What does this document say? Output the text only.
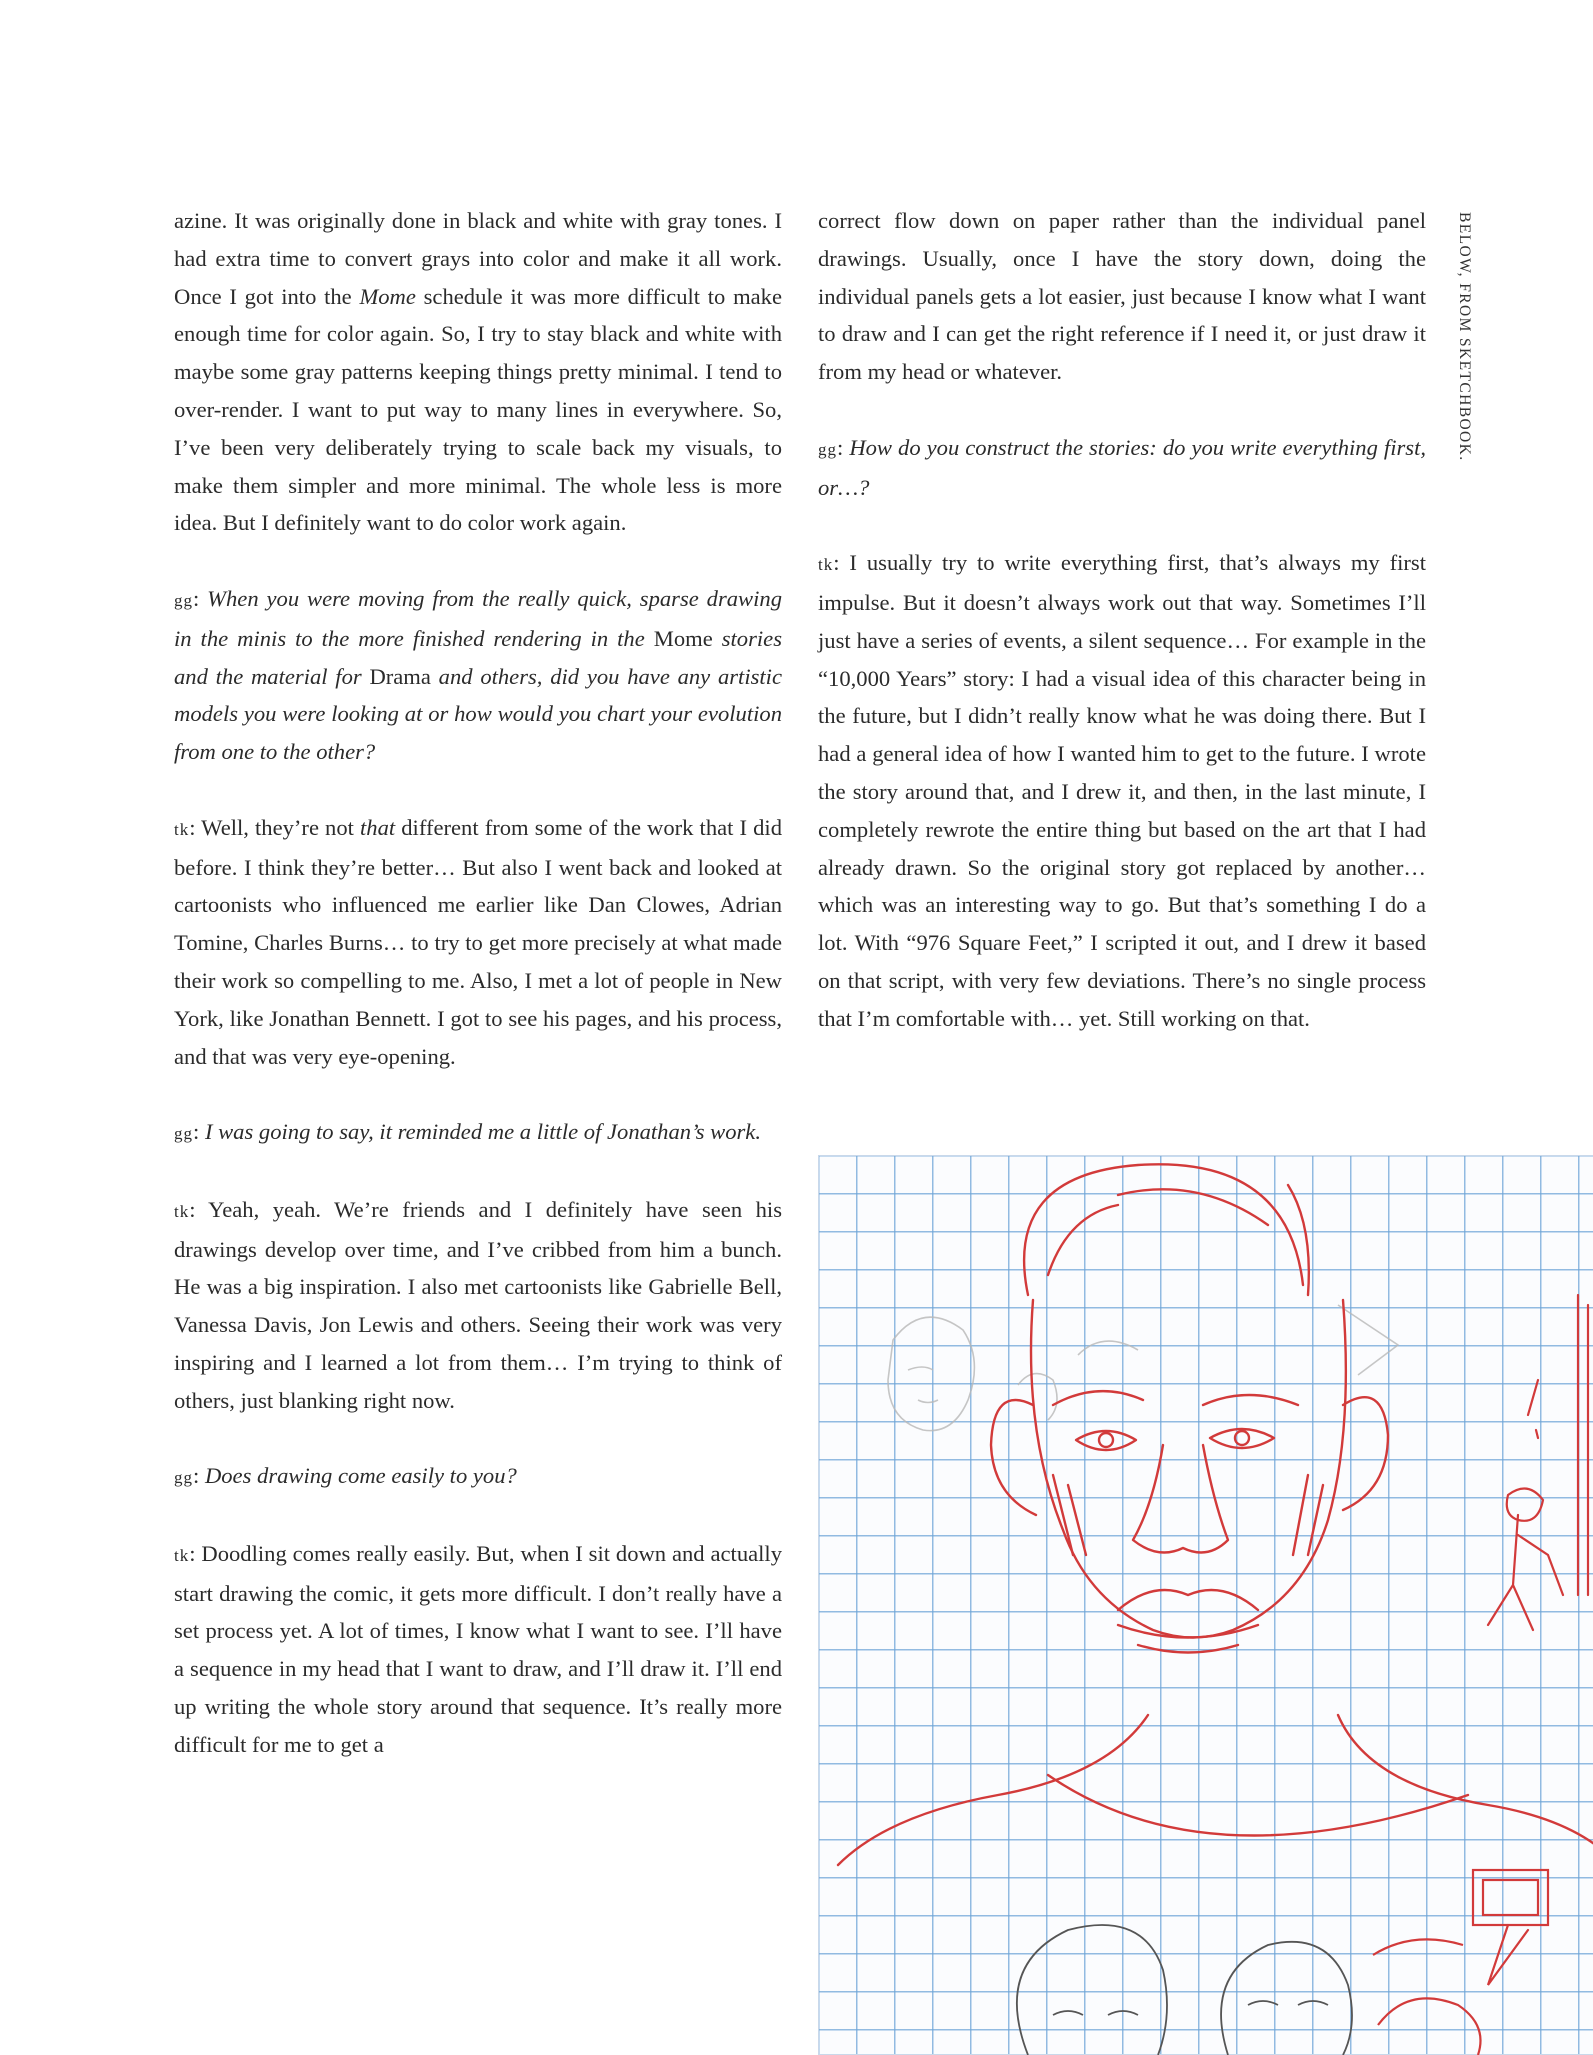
azine. It was originally done in black and white with gray tones. I had extra time to convert grays into color and make it all work. Once I got into the Mome schedule it was more difficult to make enough time for color again. So, I try to stay black and white with maybe some gray patterns keeping things pretty minimal. I tend to over-render. I want to put way to many lines in everywhere. So, I’ve been very deliberately trying to scale back my visuals, to make them simpler and more minimal. The whole less is more idea. But I definitely want to do color work again.

gg: When you were moving from the really quick, sparse drawing in the minis to the more finished rendering in the Mome stories and the material for Drama and others, did you have any artistic models you were looking at or how would you chart your evolution from one to the other?

tk: Well, they’re not that different from some of the work that I did before. I think they’re better… But also I went back and looked at cartoonists who influenced me earlier like Dan Clowes, Adrian Tomine, Charles Burns… to try to get more precisely at what made their work so compelling to me. Also, I met a lot of people in New York, like Jonathan Bennett. I got to see his pages, and his process, and that was very eye-opening.

gg: I was going to say, it reminded me a little of Jonathan’s work.

tk: Yeah, yeah. We’re friends and I definitely have seen his drawings develop over time, and I’ve cribbed from him a bunch. He was a big inspiration. I also met cartoonists like Gabrielle Bell, Vanessa Davis, Jon Lewis and others. Seeing their work was very inspiring and I learned a lot from them… I’m trying to think of others, just blanking right now.

gg: Does drawing come easily to you?

tk: Doodling comes really easily. But, when I sit down and actually start drawing the comic, it gets more difficult. I don’t really have a set process yet. A lot of times, I know what I want to see. I’ll have a sequence in my head that I want to draw, and I’ll draw it. I’ll end up writing the whole story around that sequence. It’s really more difficult for me to get a

correct flow down on paper rather than the individual panel drawings. Usually, once I have the story down, doing the individual panels gets a lot easier, just because I know what I want to draw and I can get the right reference if I need it, or just draw it from my head or whatever.

gg: How do you construct the stories: do you write everything first, or…?

tk: I usually try to write everything first, that’s always my first impulse. But it doesn’t always work out that way. Sometimes I’ll just have a series of events, a silent sequence… For example in the “10,000 Years” story: I had a visual idea of this character being in the future, but I didn’t really know what he was doing there. But I had a general idea of how I wanted him to get to the future. I wrote the story around that, and I drew it, and then, in the last minute, I completely rewrote the entire thing but based on the art that I had already drawn. So the original story got replaced by another… which was an interesting way to go. But that’s something I do a lot. With “976 Square Feet,” I scripted it out, and I drew it based on that script, with very few deviations. There’s no single process that I’m comfortable with… yet. Still working on that.

BELOW, FROM SKETCHBOOK.
